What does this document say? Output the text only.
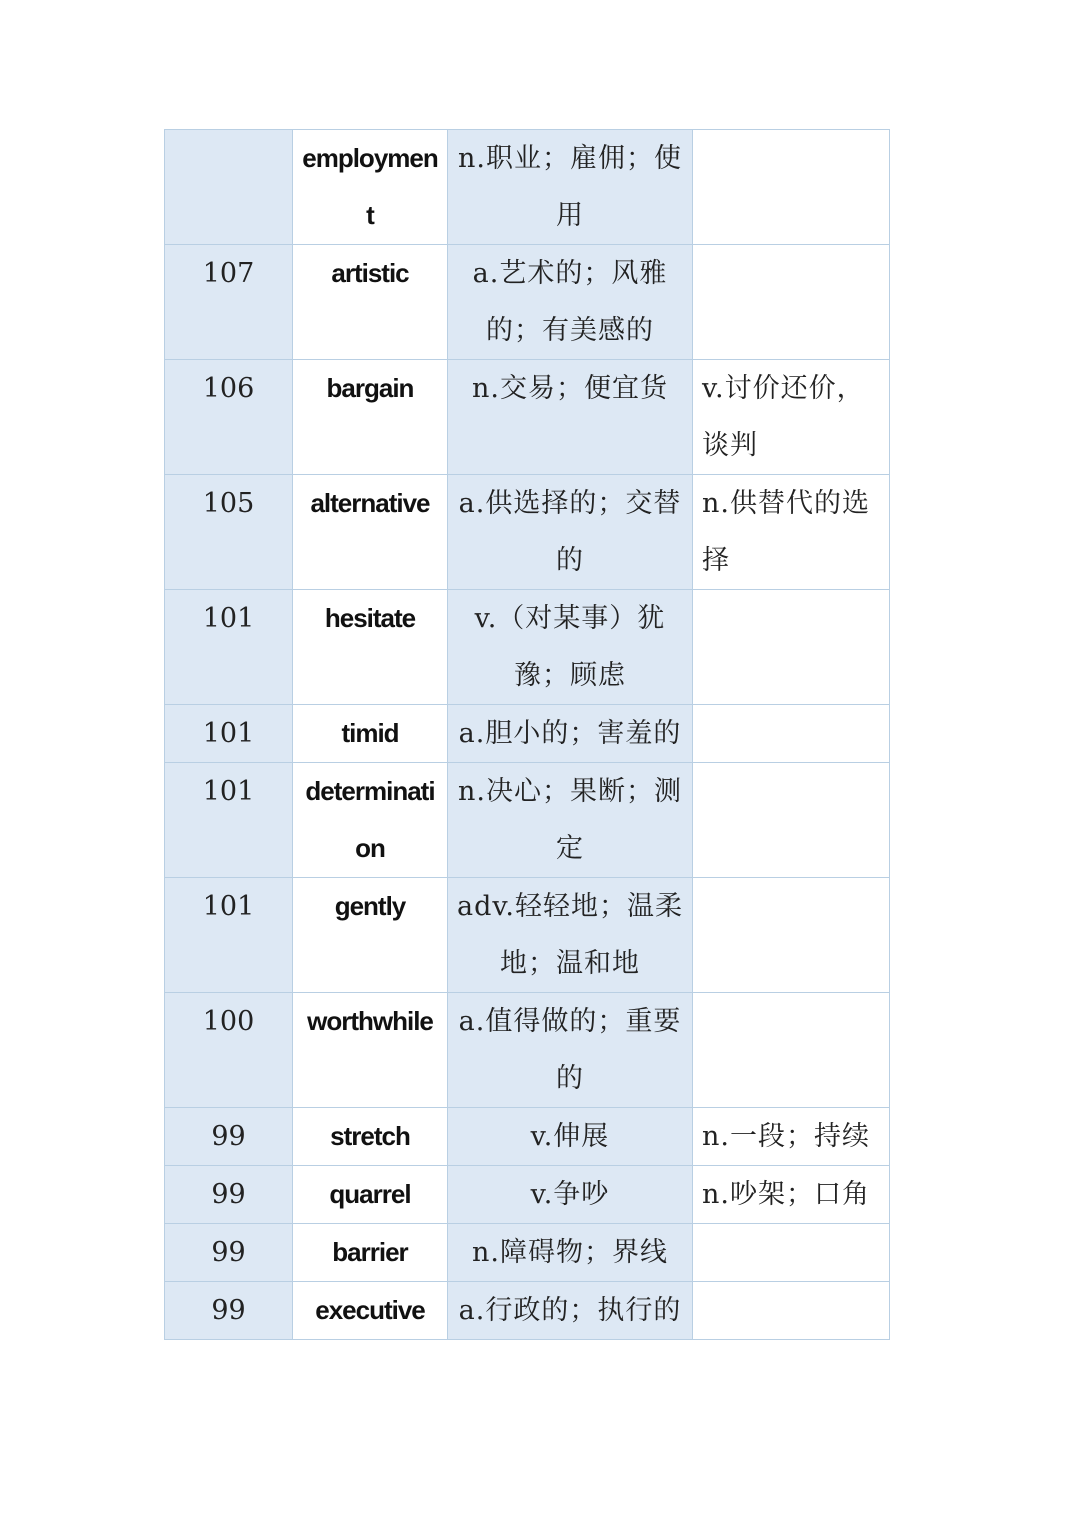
	employment	n.职业；雇佣；使用	
107	artistic	a.艺术的；风雅的；有美感的	
106	bargain	n.交易；便宜货	v.讨价还价，谈判
105	alternative	a.供选择的；交替的	n.供替代的选择
101	hesitate	v.（对某事）犹豫；顾虑	
101	timid	a.胆小的；害羞的	
101	determination	n.决心；果断；测定	
101	gently	adv.轻轻地；温柔地；温和地	
100	worthwhile	a.值得做的；重要的	
99	stretch	v.伸展	n.一段；持续
99	quarrel	v.争吵	n.吵架；口角
99	barrier	n.障碍物；界线	
99	executive	a.行政的；执行的	
